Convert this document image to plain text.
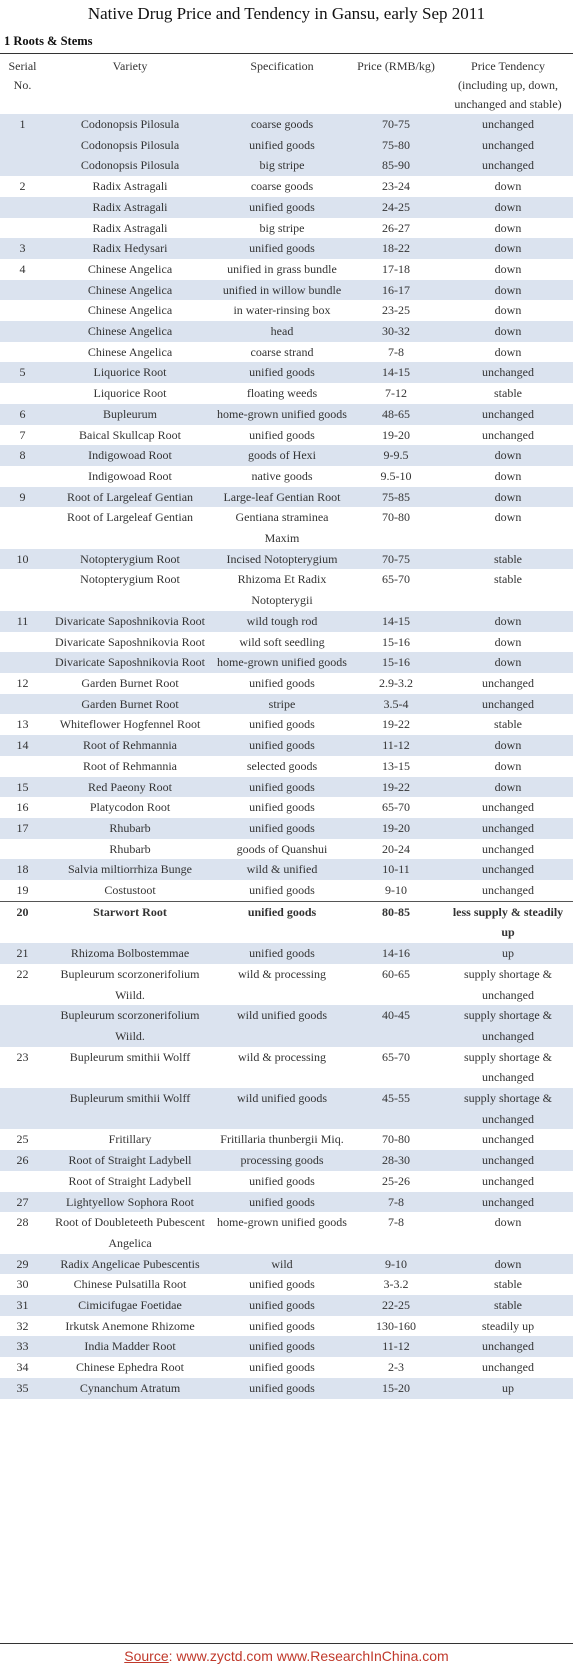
Native Drug Price and Tendency in Gansu, early Sep 2011
1 Roots & Stems
Serial No.	Variety	Specification	Price (RMB/kg)	Price Tendency (including up, down, unchanged and stable)
1	Codonopsis Pilosula	coarse goods	70-75	unchanged
	Codonopsis Pilosula	unified goods	75-80	unchanged
	Codonopsis Pilosula	big stripe	85-90	unchanged
2	Radix Astragali	coarse goods	23-24	down
	Radix Astragali	unified goods	24-25	down
	Radix Astragali	big stripe	26-27	down
3	Radix Hedysari	unified goods	18-22	down
4	Chinese Angelica	unified in grass bundle	17-18	down
	Chinese Angelica	unified in willow bundle	16-17	down
	Chinese Angelica	in water-rinsing box	23-25	down
	Chinese Angelica	head	30-32	down
	Chinese Angelica	coarse strand	7-8	down
5	Liquorice Root	unified goods	14-15	unchanged
	Liquorice Root	floating weeds	7-12	stable
6	Bupleurum	home-grown unified goods	48-65	unchanged
7	Baical Skullcap Root	unified goods	19-20	unchanged
8	Indigowoad Root	goods of Hexi	9-9.5	down
	Indigowoad Root	native goods	9.5-10	down
9	Root of Largeleaf Gentian	Large-leaf Gentian Root	75-85	down
	Root of Largeleaf Gentian	Gentiana straminea Maxim	70-80	down
10	Notopterygium Root	Incised Notopterygium	70-75	stable
	Notopterygium Root	Rhizoma Et Radix Notopterygii	65-70	stable
11	Divaricate Saposhnikovia Root	wild tough rod	14-15	down
	Divaricate Saposhnikovia Root	wild soft seedling	15-16	down
	Divaricate Saposhnikovia Root	home-grown unified goods	15-16	down
12	Garden Burnet Root	unified goods	2.9-3.2	unchanged
	Garden Burnet Root	stripe	3.5-4	unchanged
13	Whiteflower Hogfennel Root	unified goods	19-22	stable
14	Root of Rehmannia	unified goods	11-12	down
	Root of Rehmannia	selected goods	13-15	down
15	Red Paeony Root	unified goods	19-22	down
16	Platycodon Root	unified goods	65-70	unchanged
17	Rhubarb	unified goods	19-20	unchanged
	Rhubarb	goods of Quanshui	20-24	unchanged
18	Salvia miltiorrhiza Bunge	wild & unified	10-11	unchanged
19	Costustoot	unified goods	9-10	unchanged
20	Starwort Root	unified goods	80-85	less supply & steadily up
21	Rhizoma Bolbostemmae	unified goods	14-16	up
22	Bupleurum scorzonerifolium Wiild.	wild & processing	60-65	supply shortage & unchanged
	Bupleurum scorzonerifolium Wiild.	wild unified goods	40-45	supply shortage & unchanged
23	Bupleurum smithii Wolff	wild & processing	65-70	supply shortage & unchanged
	Bupleurum smithii Wolff	wild unified goods	45-55	supply shortage & unchanged
25	Fritillary	Fritillaria thunbergii Miq.	70-80	unchanged
26	Root of Straight Ladybell	processing goods	28-30	unchanged
	Root of Straight Ladybell	unified goods	25-26	unchanged
27	Lightyellow Sophora Root	unified goods	7-8	unchanged
28	Root of Doubleteeth Pubescent Angelica	home-grown unified goods	7-8	down
29	Radix Angelicae Pubescentis	wild	9-10	down
30	Chinese Pulsatilla Root	unified goods	3-3.2	stable
31	Cimicifugae Foetidae	unified goods	22-25	stable
32	Irkutsk Anemone Rhizome	unified goods	130-160	steadily up
33	India Madder Root	unified goods	11-12	unchanged
34	Chinese Ephedra Root	unified goods	2-3	unchanged
35	Cynanchum Atratum	unified goods	15-20	up
Source: www.zyctd.com www.ResearchInChina.com
